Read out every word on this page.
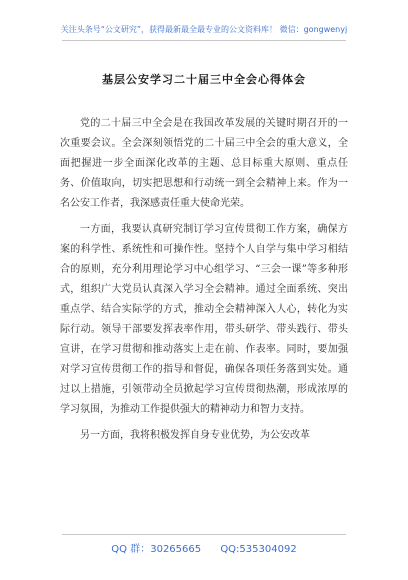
关注头条号“公文研究”，获得最新最全最专业的公文资料库！ 微信：gongwenyj
基层公安学习二十届三中全会心得体会

党的二十届三中全会是在我国改革发展的关键时期召开的一次重要会议。全会深刻领悟党的二十届三中全会的重大意义，全面把握进一步全面深化改革的主题、总目标重大原则、重点任务、价值取向，切实把思想和行动统一到全会精神上来。作为一名公安工作者，我深感责任重大使命光荣。

一方面，我要认真研究制订学习宣传贯彻工作方案，确保方案的科学性、系统性和可操作性。坚持个人自学与集中学习相结合的原则，充分利用理论学习中心组学习、“三会一课”等多种形式，组织广大党员认真深入学习全会精神。通过全面系统、突出重点学、结合实际学的方式，推动全会精神深入人心，转化为实际行动。领导干部要发挥表率作用，带头研学、带头践行、带头宣讲，在学习贯彻和推动落实上走在前、作表率。同时，要加强对学习宣传贯彻工作的指导和督促，确保各项任务落到实处。通过以上措施，引领带动全员掀起学习宣传贯彻热潮，形成浓厚的学习氛围，为推动工作提供强大的精神动力和智力支持。

另一方面，我将积极发挥自身专业优势，为公安改革

QQ 群：30265665 QQ:535304092
